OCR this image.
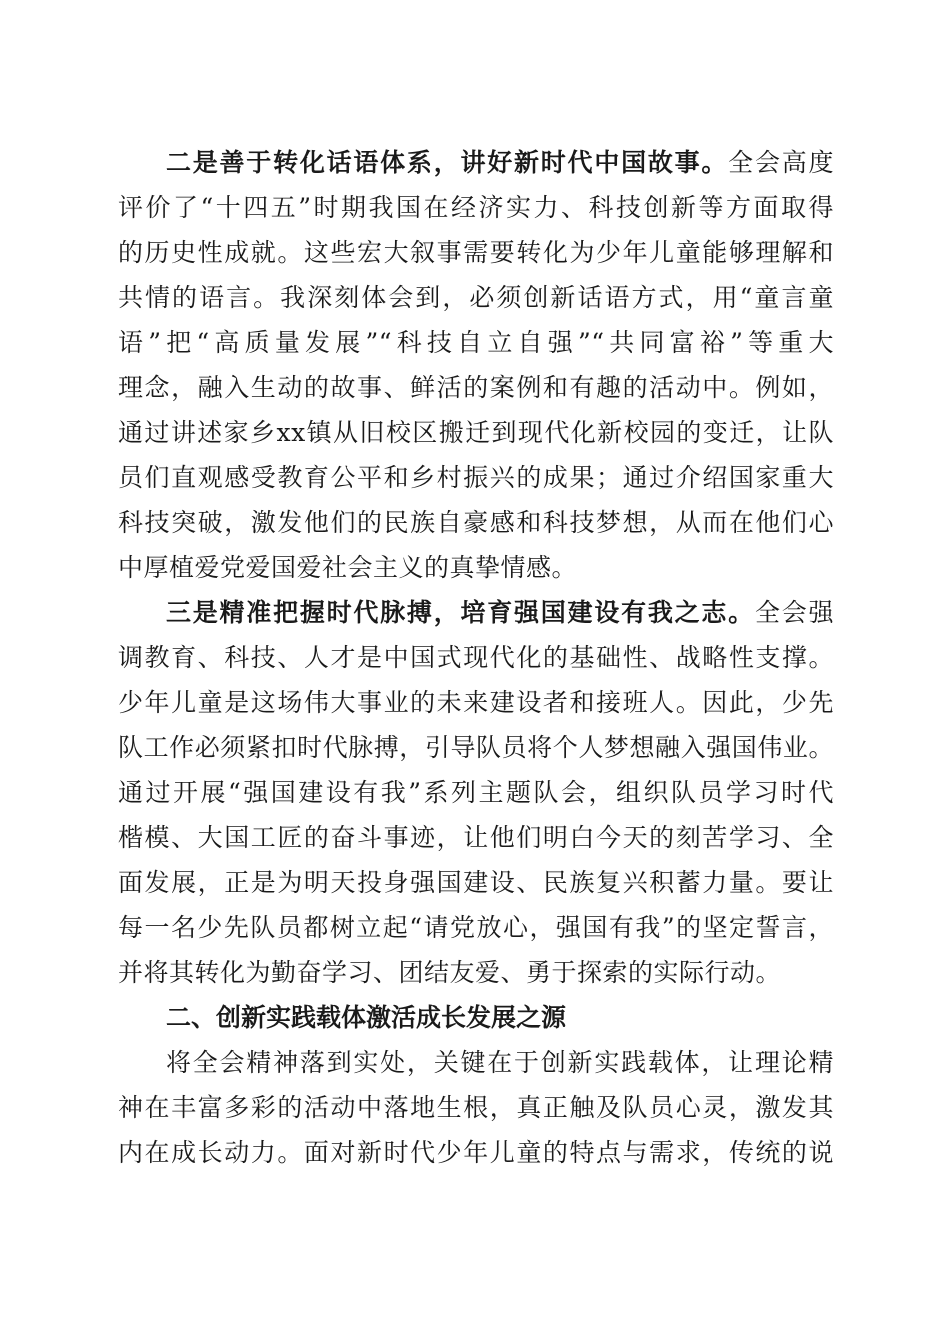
二是善于转化话语体系，讲好新时代中国故事。全会高度
评价了“十四五”时期我国在经济实力、科技创新等方面取得
的历史性成就。这些宏大叙事需要转化为少年儿童能够理解和
共情的语言。我深刻体会到，必须创新话语方式，用“童言童
语”把“高质量发展”“科技自立自强”“共同富裕”等重大
理念，融入生动的故事、鲜活的案例和有趣的活动中。例如，
通过讲述家乡xx镇从旧校区搬迁到现代化新校园的变迁，让队
员们直观感受教育公平和乡村振兴的成果；通过介绍国家重大
科技突破，激发他们的民族自豪感和科技梦想，从而在他们心
中厚植爱党爱国爱社会主义的真挚情感。
三是精准把握时代脉搏，培育强国建设有我之志。全会强
调教育、科技、人才是中国式现代化的基础性、战略性支撑。
少年儿童是这场伟大事业的未来建设者和接班人。因此，少先
队工作必须紧扣时代脉搏，引导队员将个人梦想融入强国伟业。
通过开展“强国建设有我”系列主题队会，组织队员学习时代
楷模、大国工匠的奋斗事迹，让他们明白今天的刻苦学习、全
面发展，正是为明天投身强国建设、民族复兴积蓄力量。要让
每一名少先队员都树立起“请党放心，强国有我”的坚定誓言，
并将其转化为勤奋学习、团结友爱、勇于探索的实际行动。
二、创新实践载体激活成长发展之源
将全会精神落到实处，关键在于创新实践载体，让理论精
神在丰富多彩的活动中落地生根，真正触及队员心灵，激发其
内在成长动力。面对新时代少年儿童的特点与需求，传统的说
